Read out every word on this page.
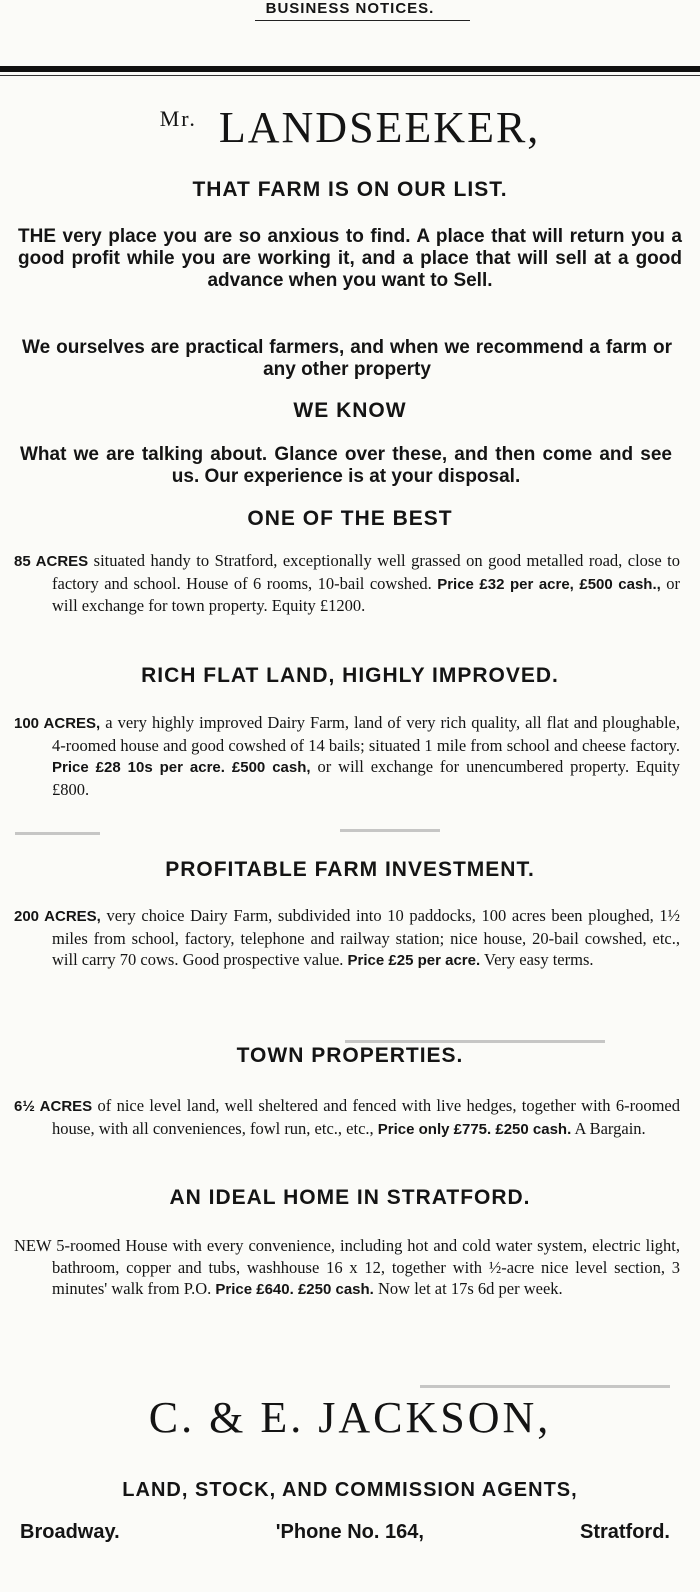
BUSINESS NOTICES.
$^{Mr.}$ LANDSEEKER,
THAT FARM IS ON OUR LIST.
THE very place you are so anxious to find. A place that will return you a good profit while you are working it, and a place that will sell at a good advance when you want to Sell.
We ourselves are practical farmers, and when we recommend a farm or any other property
WE KNOW
What we are talking about. Glance over these, and then come and see us. Our experience is at your disposal.
ONE OF THE BEST
85 ACRES situated handy to Stratford, exceptionally well grassed on good metalled road, close to factory and school. House of 6 rooms, 10-bail cowshed. Price £32 per acre, £500 cash., or will exchange for town property. Equity £1200.
RICH FLAT LAND, HIGHLY IMPROVED.
100 ACRES, a very highly improved Dairy Farm, land of very rich quality, all flat and ploughable, 4-roomed house and good cowshed of 14 bails; situated 1 mile from school and cheese factory. Price £28 10s per acre. £500 cash, or will exchange for unencumbered property. Equity £800.
PROFITABLE FARM INVESTMENT.
200 ACRES, very choice Dairy Farm, subdivided into 10 paddocks, 100 acres been ploughed, 1½ miles from school, factory, telephone and railway station; nice house, 20-bail cowshed, etc., will carry 70 cows. Good prospective value. Price £25 per acre. Very easy terms.
TOWN PROPERTIES.
6½ ACRES of nice level land, well sheltered and fenced with live hedges, together with 6-roomed house, with all conveniences, fowl run, etc., etc., Price only £775. £250 cash. A Bargain.
AN IDEAL HOME IN STRATFORD.
NEW 5-roomed House with every convenience, including hot and cold water system, electric light, bathroom, copper and tubs, washhouse 16 x 12, together with ½-acre nice level section, 3 minutes' walk from P.O. Price £640. £250 cash. Now let at 17s 6d per week.
C. & E. JACKSON,
LAND, STOCK, AND COMMISSION AGENTS,
Broadway.	'Phone No. 164,	Stratford.
